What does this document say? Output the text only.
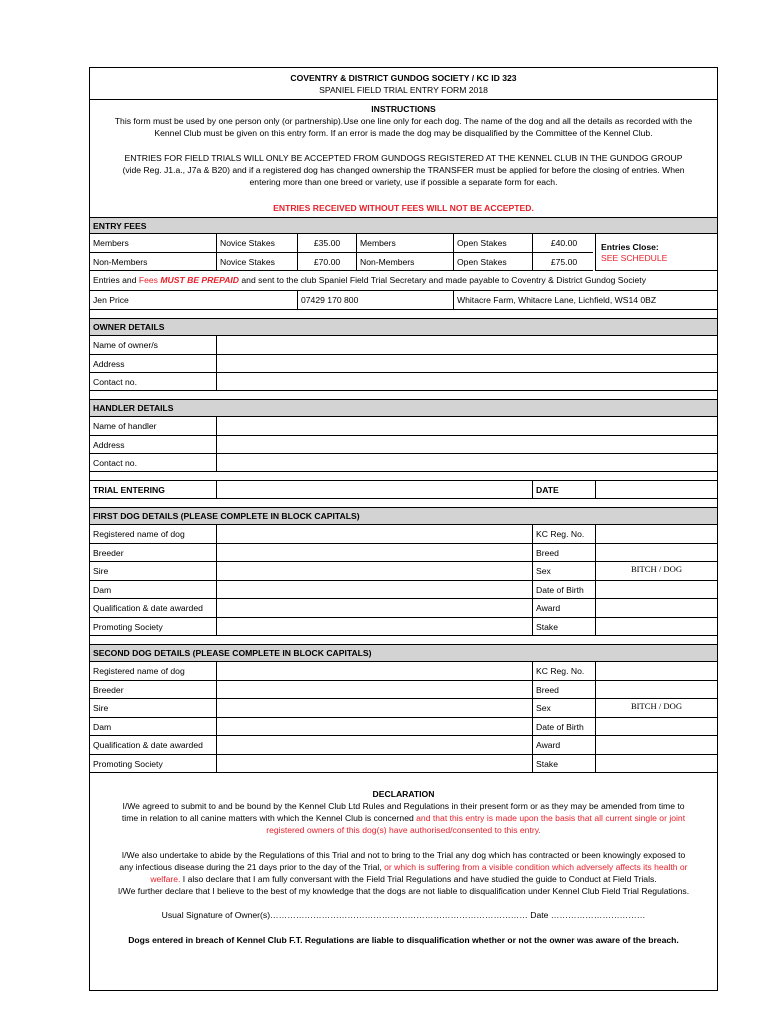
COVENTRY & DISTRICT GUNDOG SOCIETY / KC ID 323
SPANIEL FIELD TRIAL ENTRY FORM 2018
INSTRUCTIONS
This form must be used by one person only (or partnership).Use one line only for each dog. The name of the dog and all the details as recorded with the
Kennel Club must be given on this entry form. If an error is made the dog may be disqualified by the Committee of the Kennel Club.
ENTRIES FOR FIELD TRIALS WILL ONLY BE ACCEPTED FROM GUNDOGS REGISTERED AT THE KENNEL CLUB IN THE GUNDOG GROUP
(vide Reg. J1.a., J7a & B20) and if a registered dog has changed ownership the TRANSFER must be applied for before the closing of entries. When
entering more than one breed or variety, use if possible a separate form for each.
ENTRIES RECEIVED WITHOUT FEES WILL NOT BE ACCEPTED.
ENTRY FEES
Members	Novice Stakes	£35.00	Members	Open Stakes	£40.00
Non-Members	Novice Stakes	£70.00	Non-Members	Open Stakes	£75.00
Entries Close:
SEE SCHEDULE
Entries and Fees MUST BE PREPAID and sent to the club Spaniel Field Trial Secretary and made payable to Coventry & District Gundog Society
Jen Price	07429 170 800	Whitacre Farm, Whitacre Lane, Lichfield, WS14 0BZ
OWNER DETAILS
Name of owner/s
Address
Contact no.
HANDLER DETAILS
Name of handler
Address
Contact no.
TRIAL ENTERING	DATE
FIRST DOG DETAILS (PLEASE COMPLETE IN BLOCK CAPITALS)
Registered name of dog	KC Reg. No.
Breeder	Breed
Sire	Sex	BITCH / DOG
Dam	Date of Birth
Qualification & date awarded	Award
Promoting Society	Stake
SECOND DOG DETAILS (PLEASE COMPLETE IN BLOCK CAPITALS)
Registered name of dog	KC Reg. No.
Breeder	Breed
Sire	Sex	BITCH / DOG
Dam	Date of Birth
Qualification & date awarded	Award
Promoting Society	Stake
DECLARATION
I/We agreed to submit to and be bound by the Kennel Club Ltd Rules and Regulations in their present form or as they may be amended from time to
time in relation to all canine matters with which the Kennel Club is concerned and that this entry is made upon the basis that all current single or joint
registered owners of this dog(s) have authorised/consented to this entry.
I/We also undertake to abide by the Regulations of this Trial and not to bring to the Trial any dog which has contracted or been knowingly exposed to
any infectious disease during the 21 days prior to the day of the Trial, or which is suffering from a visible condition which adversely affects its health or
welfare. I also declare that I am fully conversant with the Field Trial Regulations and have studied the guide to Conduct at Field Trials.
I/We further declare that I believe to the best of my knowledge that the dogs are not liable to disqualification under Kennel Club Field Trial Regulations.
Usual Signature of Owner(s)……………………………………………………………………………… Date ……………………………
Dogs entered in breach of Kennel Club F.T. Regulations are liable to disqualification whether or not the owner was aware of the breach.
